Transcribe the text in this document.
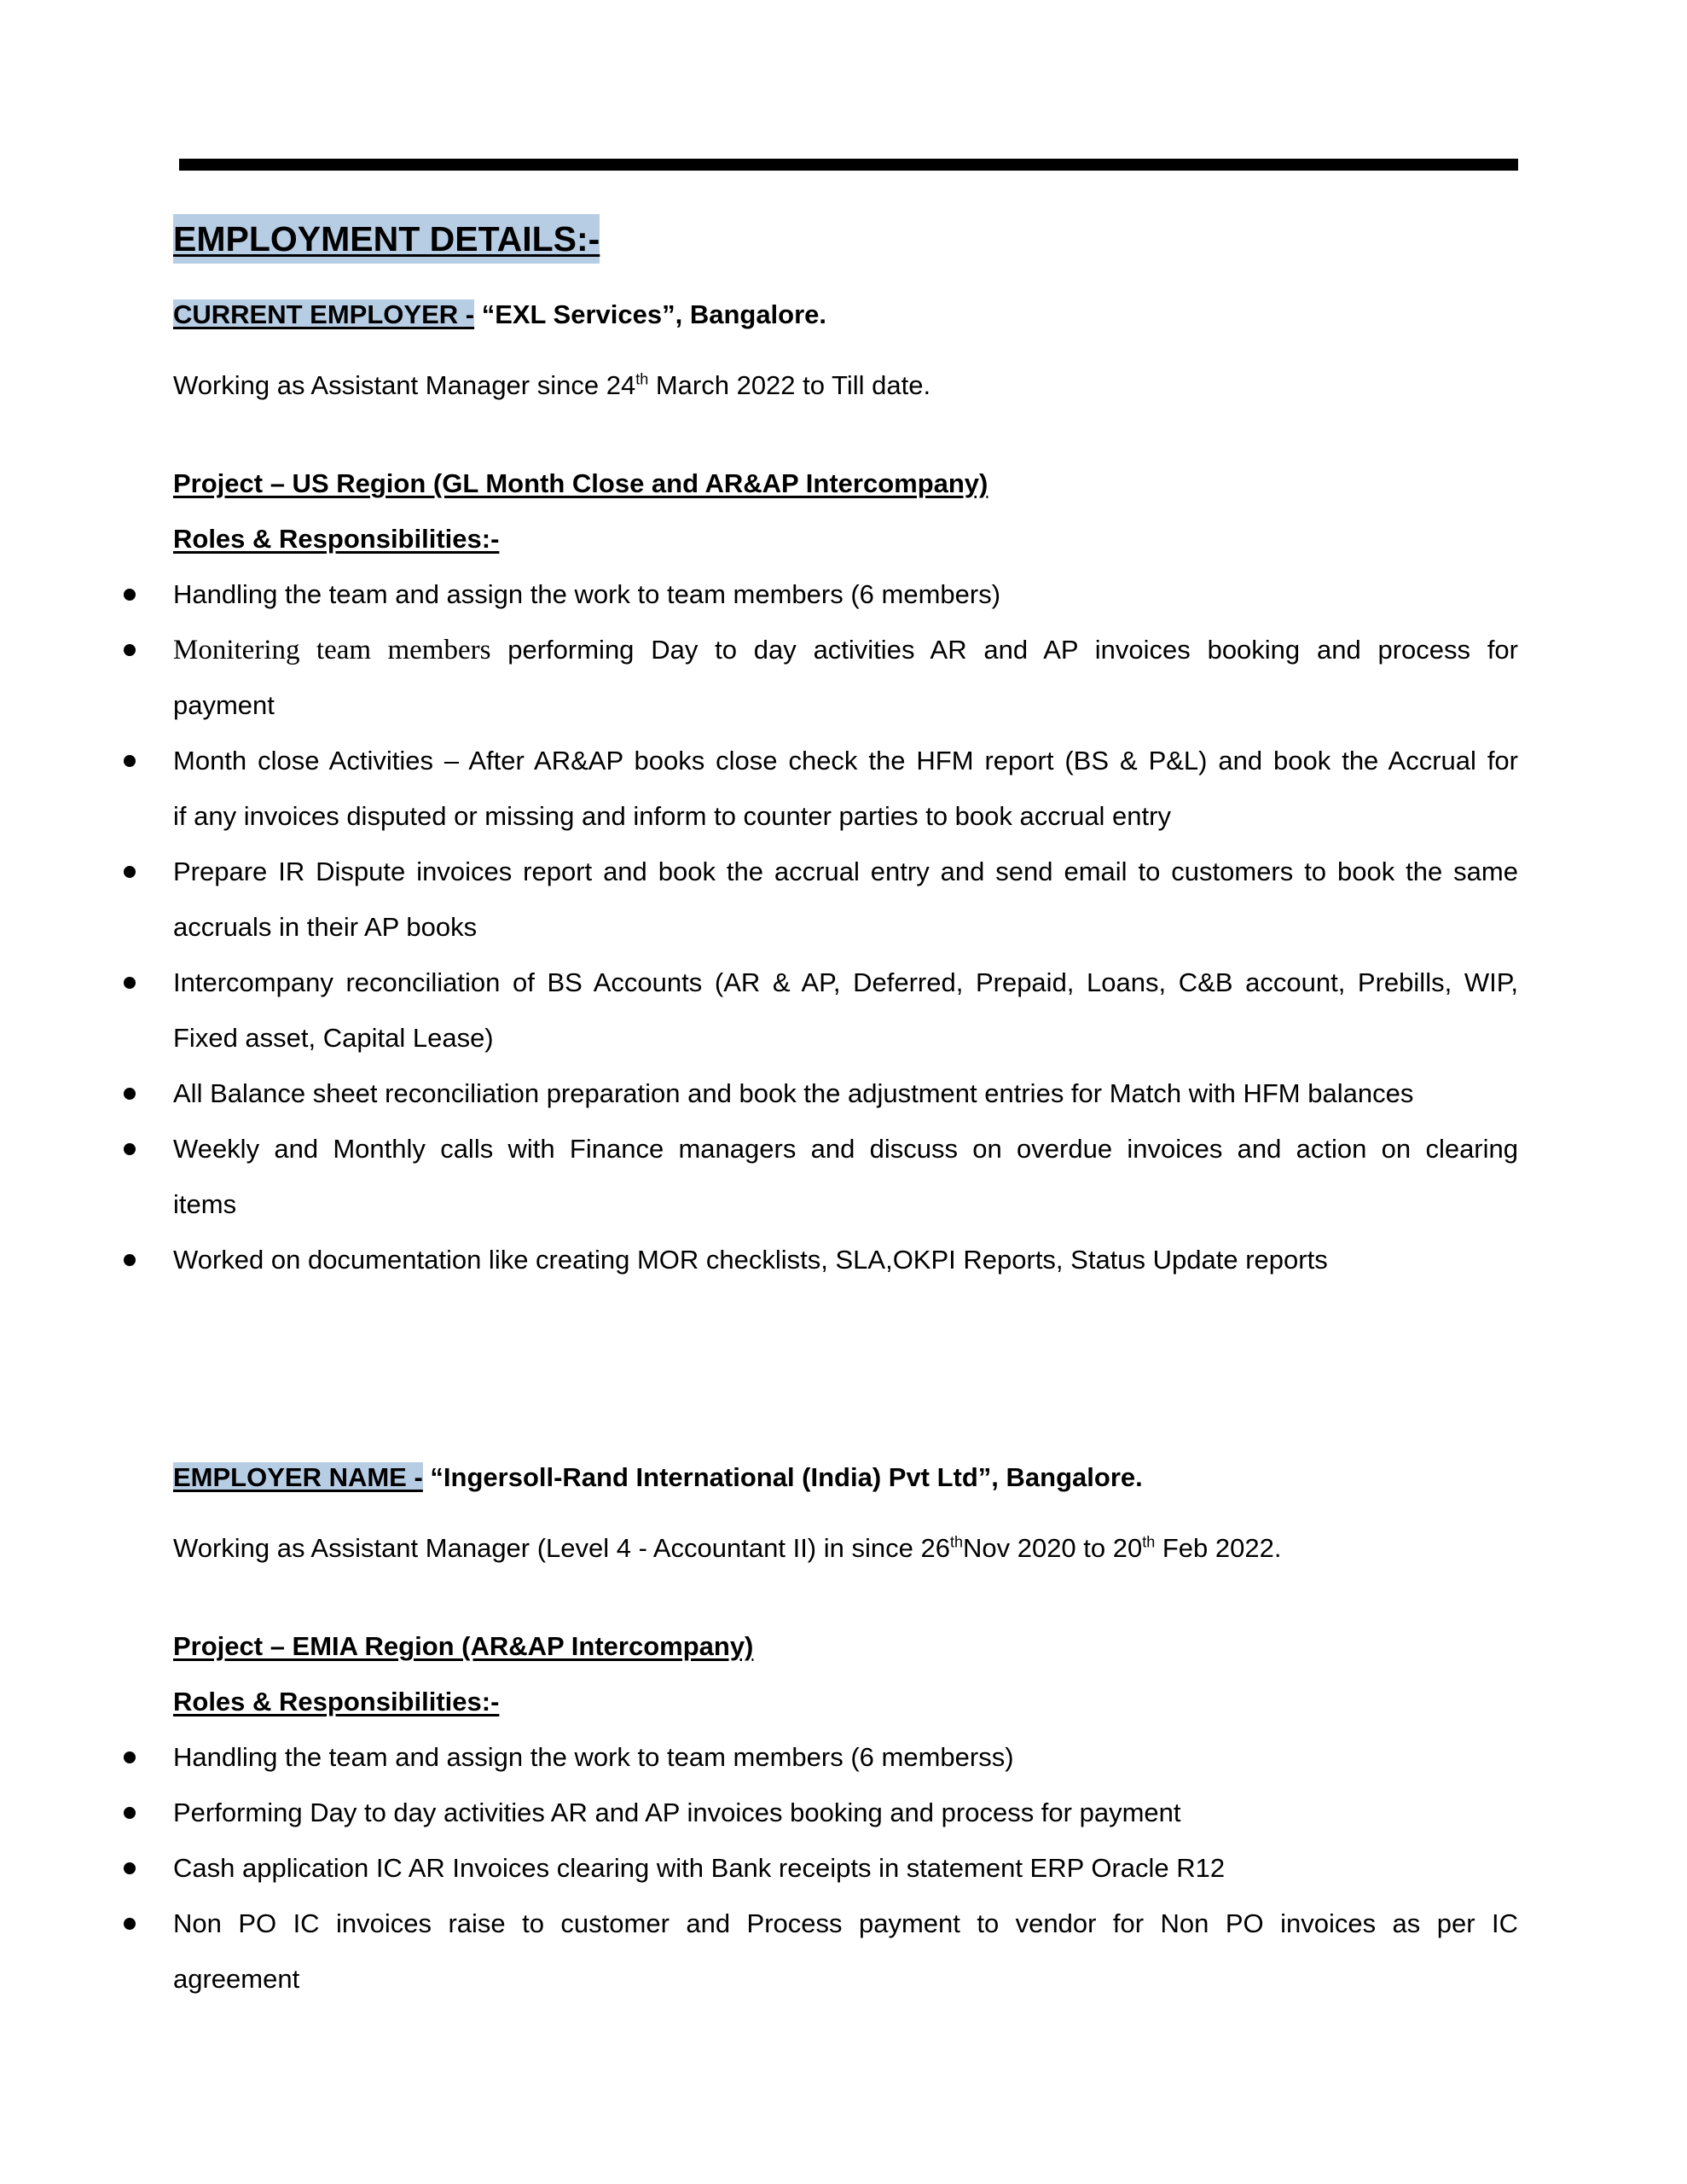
EMPLOYMENT DETAILS:-
CURRENT EMPLOYER - “EXL Services”, Bangalore.
Working as Assistant Manager since 24th March 2022 to Till date.
Project – US Region (GL Month Close and AR&AP Intercompany)
Roles & Responsibilities:-
Handling the team and assign the work to team members (6 members)
Monitering team members performing Day to day activities AR and AP invoices booking and process for
payment
Month close Activities – After AR&AP books close check the HFM report (BS & P&L) and book the Accrual for
if any invoices disputed or missing and inform to counter parties to book accrual entry
Prepare IR Dispute invoices report and book the accrual entry and send email to customers to book the same
accruals in their AP books
Intercompany reconciliation of BS Accounts (AR & AP, Deferred, Prepaid, Loans, C&B account, Prebills, WIP,
Fixed asset, Capital Lease)
All Balance sheet reconciliation preparation and book the adjustment entries for Match with HFM balances
Weekly and Monthly calls with Finance managers and discuss on overdue invoices and action on clearing
items
Worked on documentation like creating MOR checklists, SLA,OKPI Reports, Status Update reports
EMPLOYER NAME - “Ingersoll-Rand International (India) Pvt Ltd”, Bangalore.
Working as Assistant Manager (Level 4 - Accountant II) in since 26thNov 2020 to 20th Feb 2022.
Project – EMIA Region (AR&AP Intercompany)
Roles & Responsibilities:-
Handling the team and assign the work to team members (6 memberss)
Performing Day to day activities AR and AP invoices booking and process for payment
Cash application IC AR Invoices clearing with Bank receipts in statement ERP Oracle R12
Non PO IC invoices raise to customer and Process payment to vendor for Non PO invoices as per IC
agreement
